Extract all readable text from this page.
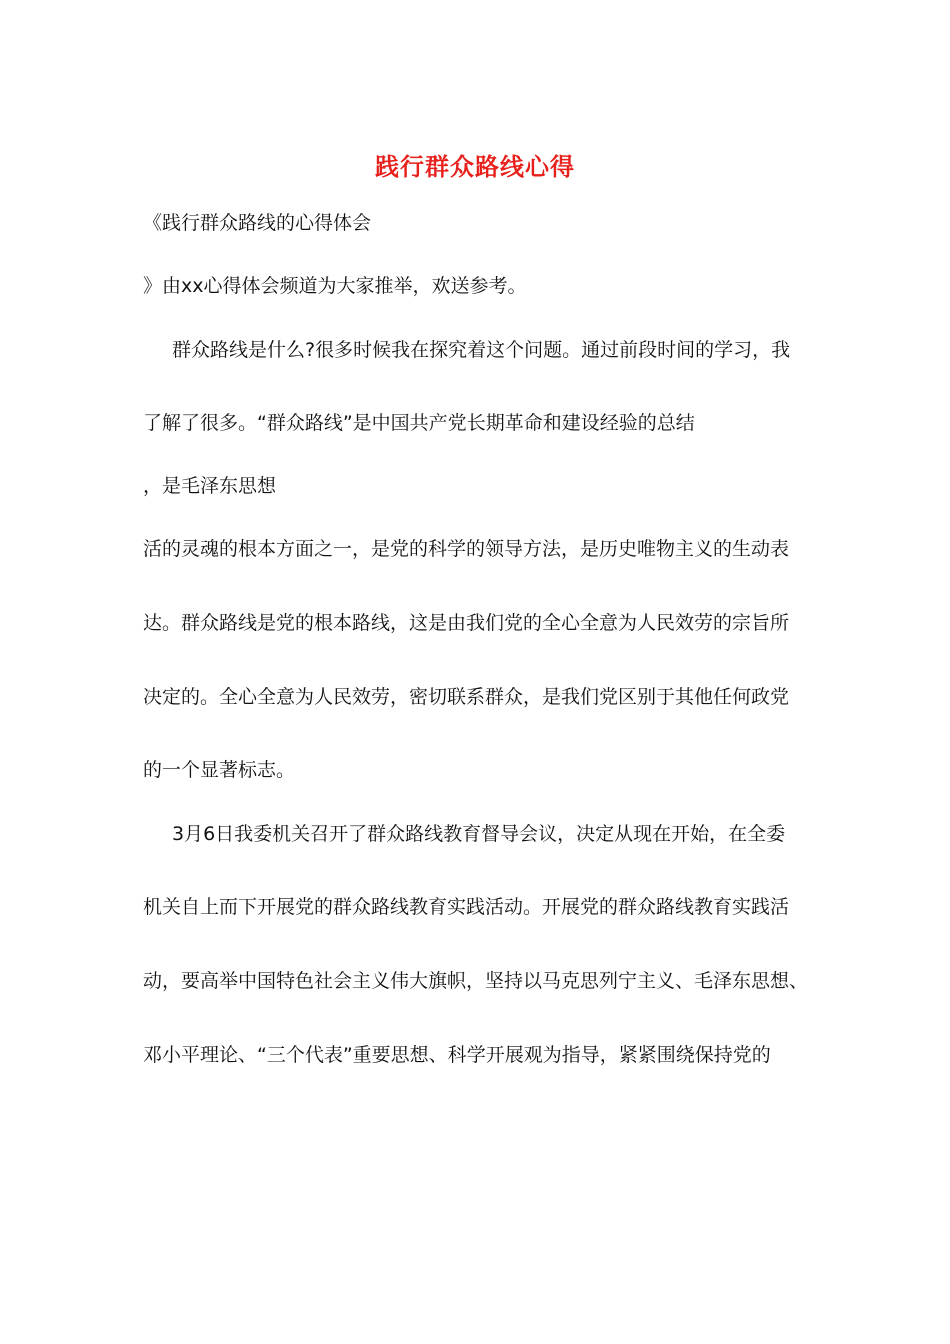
践行群众路线心得
《践行群众路线的心得体会
》由xx心得体会频道为大家推举，欢送参考。
群众路线是什么?很多时候我在探究着这个问题。通过前段时间的学习，我
了解了很多。“群众路线”是中国共产党长期革命和建设经验的总结
，是毛泽东思想
活的灵魂的根本方面之一，是党的科学的领导方法，是历史唯物主义的生动表
达。群众路线是党的根本路线，这是由我们党的全心全意为人民效劳的宗旨所
决定的。全心全意为人民效劳，密切联系群众，是我们党区别于其他任何政党
的一个显著标志。
3月6日我委机关召开了群众路线教育督导会议，决定从现在开始，在全委
机关自上而下开展党的群众路线教育实践活动。开展党的群众路线教育实践活
动，要高举中国特色社会主义伟大旗帜，坚持以马克思列宁主义、毛泽东思想、
邓小平理论、“三个代表”重要思想、科学开展观为指导，紧紧围绕保持党的
